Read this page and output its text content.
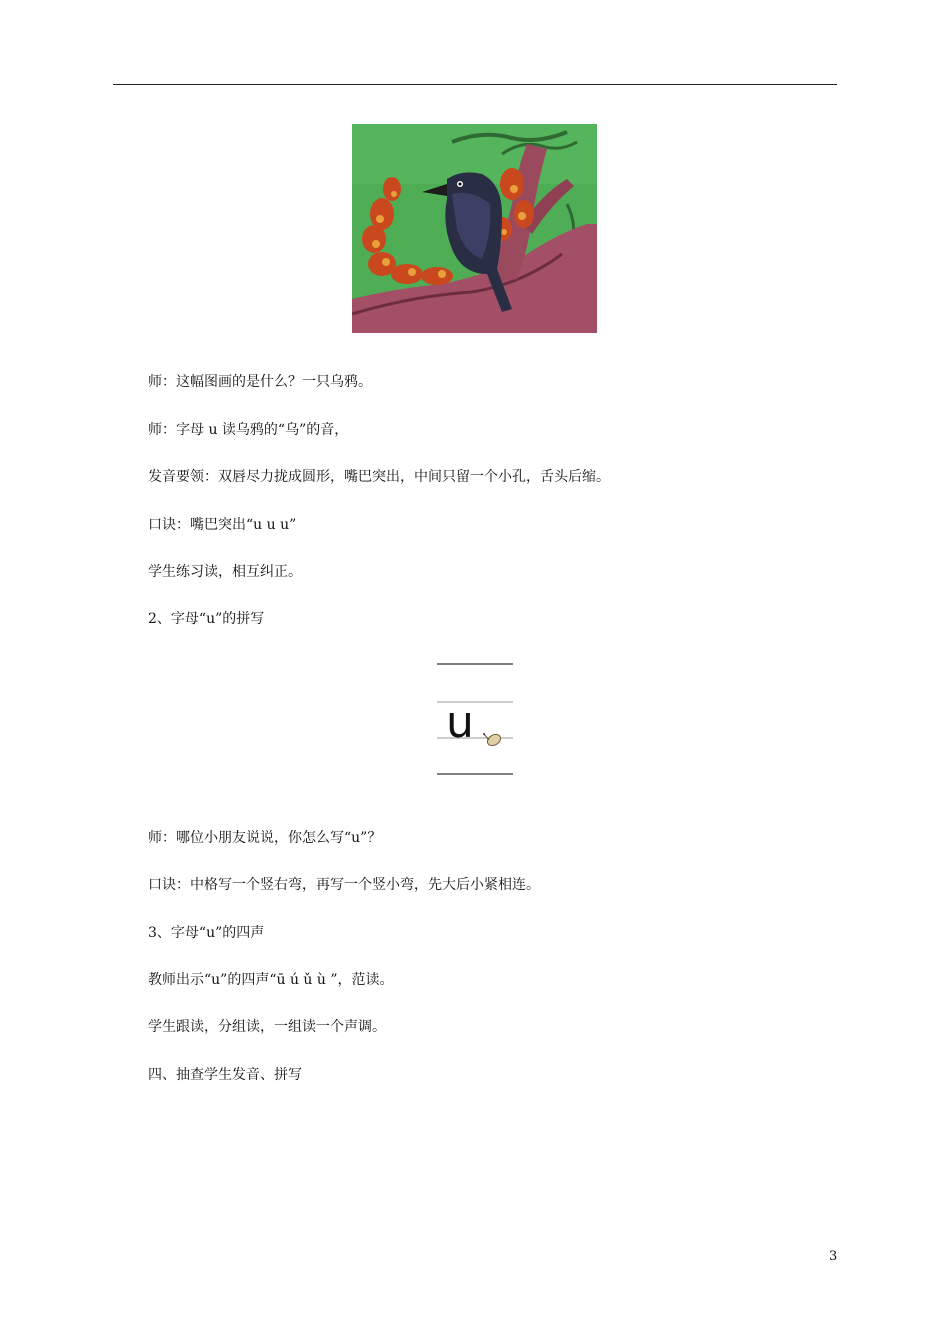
师：这幅图画的是什么？一只乌鸦。
师：字母 u 读乌鸦的“乌”的音，
发音要领：双唇尽力拢成圆形，嘴巴突出，中间只留一个小孔，舌头后缩。
口诀：嘴巴突出“u u u”
学生练习读，相互纠正。
2、字母“u”的拼写
u
师：哪位小朋友说说，你怎么写“u”？
口诀：中格写一个竖右弯，再写一个竖小弯，先大后小紧相连。
3、字母“u”的四声
教师出示“u”的四声“ū ú ǔ ù ”，范读。
学生跟读，分组读，一组读一个声调。
四、抽查学生发音、拼写
3
